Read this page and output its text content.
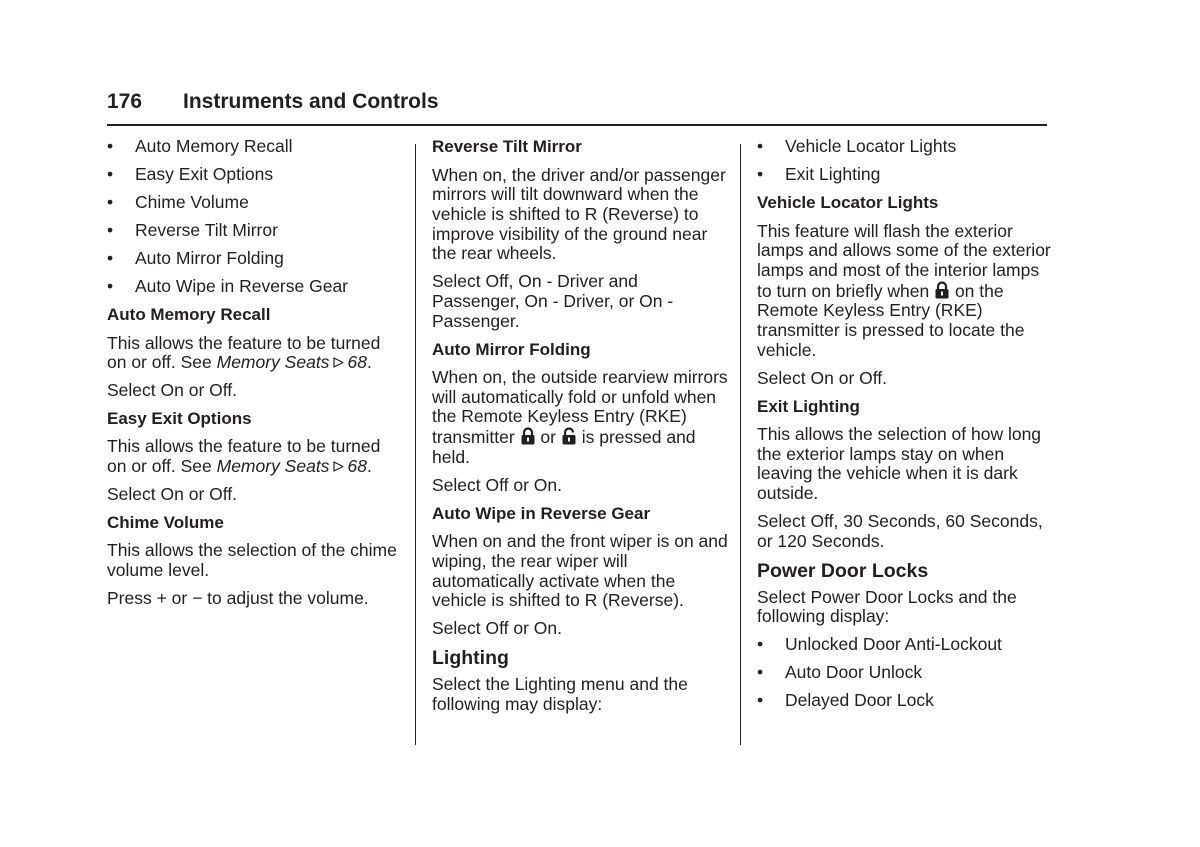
176 Instruments and Controls
• Auto Memory Recall
• Easy Exit Options
• Chime Volume
• Reverse Tilt Mirror
• Auto Mirror Folding
• Auto Wipe in Reverse Gear
Auto Memory Recall

This allows the feature to be turned on or off. See Memory Seats   68.

Select On or Off.

Easy Exit Options

This allows the feature to be turned on or off. See Memory Seats   68.

Select On or Off.

Chime Volume

This allows the selection of the chime volume level.

Press + or − to adjust the volume.

Reverse Tilt Mirror

When on, the driver and/or passenger mirrors will tilt downward when the vehicle is shifted to R (Reverse) to improve visibility of the ground near the rear wheels.

Select Off, On - Driver and Passenger, On - Driver, or On - Passenger.

Auto Mirror Folding

When on, the outside rearview mirrors will automatically fold or unfold when the Remote Keyless Entry (RKE) transmitter or is pressed and held.

Select Off or On.

Auto Wipe in Reverse Gear

When on and the front wiper is on and wiping, the rear wiper will automatically activate when the vehicle is shifted to R (Reverse).

Select Off or On.

Lighting

Select the Lighting menu and the following may display:

• Vehicle Locator Lights
• Exit Lighting
Vehicle Locator Lights

This feature will flash the exterior lamps and allows some of the exterior lamps and most of the interior lamps to turn on briefly when on the Remote Keyless Entry (RKE) transmitter is pressed to locate the vehicle.

Select On or Off.

Exit Lighting

This allows the selection of how long the exterior lamps stay on when leaving the vehicle when it is dark outside.

Select Off, 30 Seconds, 60 Seconds, or 120 Seconds.

Power Door Locks

Select Power Door Locks and the following display:

• Unlocked Door Anti-Lockout
• Auto Door Unlock
• Delayed Door Lock
